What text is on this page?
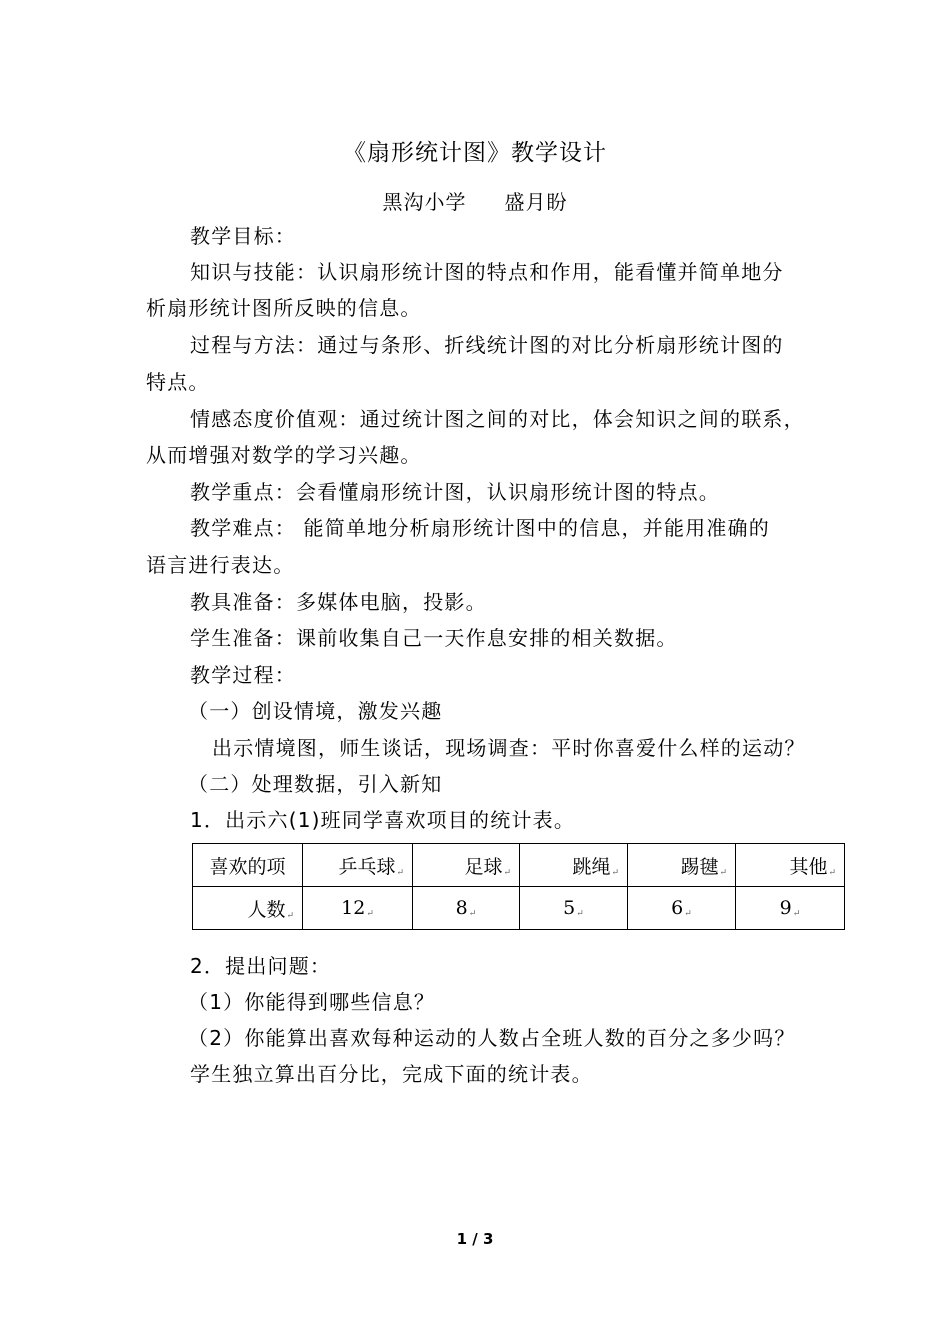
《扇形统计图》教学设计
黑沟小学 盛月盼
教学目标：
知识与技能：认识扇形统计图的特点和作用，能看懂并简单地分
析扇形统计图所反映的信息。
过程与方法：通过与条形、折线统计图的对比分析扇形统计图的
特点。
情感态度价值观：通过统计图之间的对比，体会知识之间的联系，
从而增强对数学的学习兴趣。
教学重点：会看懂扇形统计图，认识扇形统计图的特点。
教学难点： 能简单地分析扇形统计图中的信息，并能用准确的
语言进行表达。
教具准备：多媒体电脑，投影。
学生准备：课前收集自己一天作息安排的相关数据。
教学过程：
（一）创设情境，激发兴趣
出示情境图，师生谈话，现场调查：平时你喜爱什么样的运动？
（二）处理数据，引入新知
1．出示六(1)班同学喜欢项目的统计表。
喜欢的项	乒乓球↵	足球↵	跳绳↵	踢毽↵	其他↵
人数↵	12↵	8↵	5↵	6↵	9↵
2．提出问题：
（1）你能得到哪些信息？
（2）你能算出喜欢每种运动的人数占全班人数的百分之多少吗？
学生独立算出百分比，完成下面的统计表。
1 / 3
